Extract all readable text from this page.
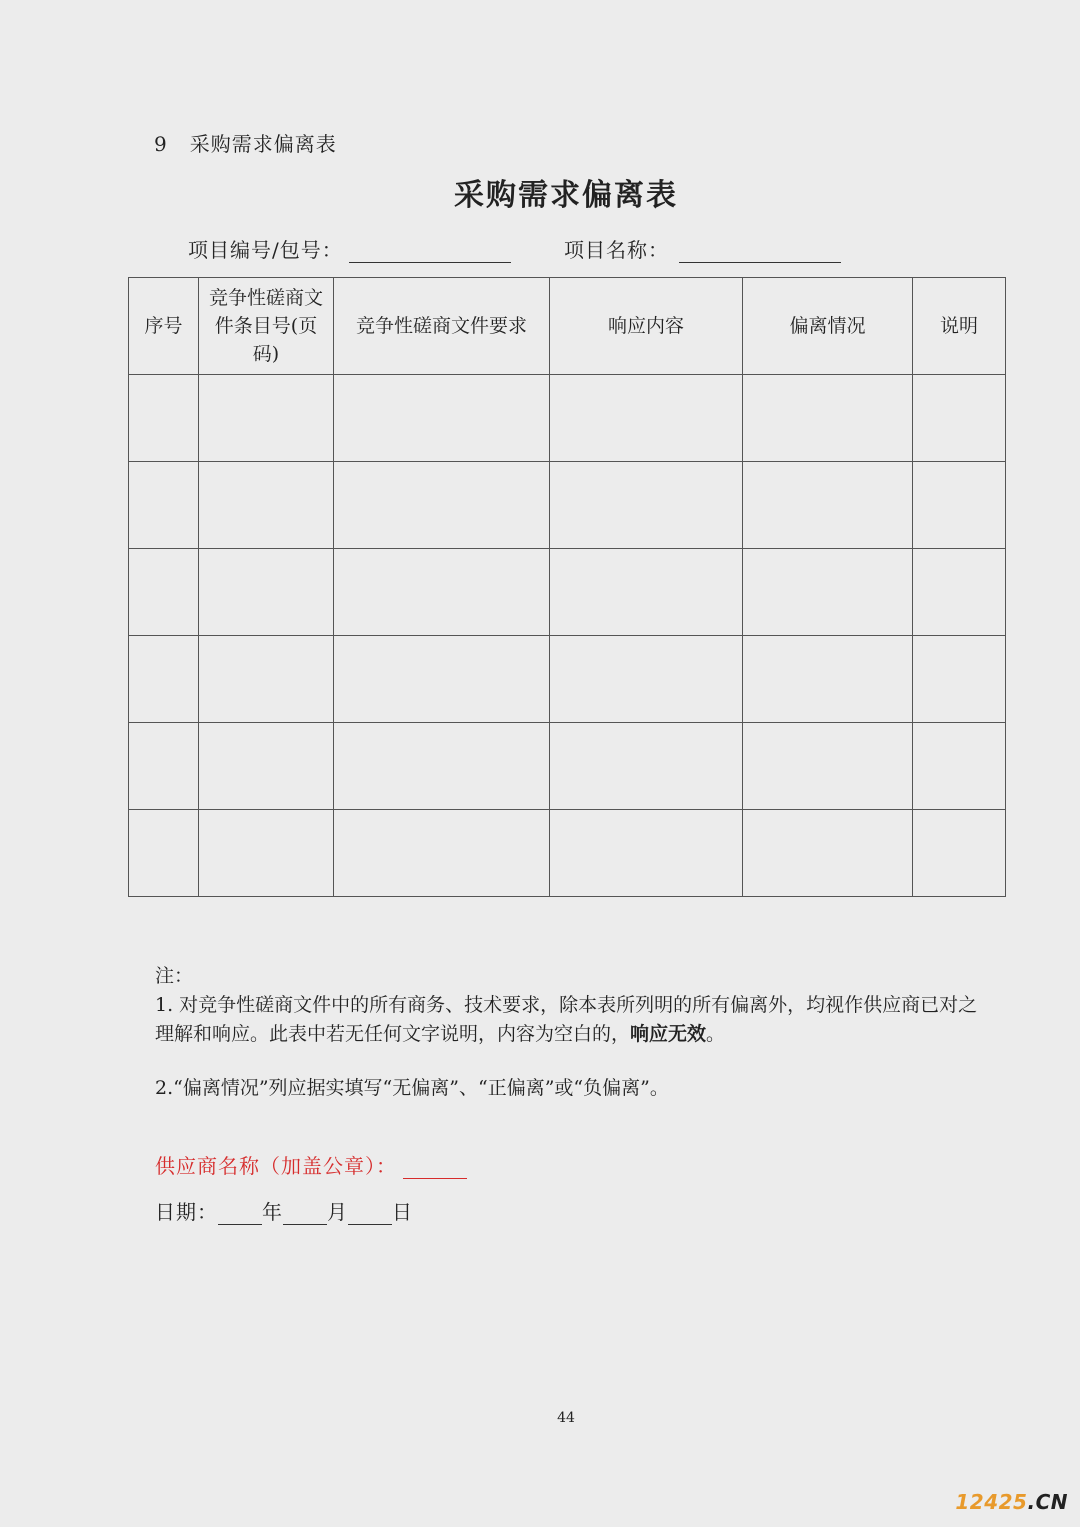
9 采购需求偏离表
采购需求偏离表
项目编号/包号：	项目名称：
序号	竞争性磋商文件条目号(页码)	竞争性磋商文件要求	响应内容	偏离情况	说明

注：

1. 对竞争性磋商文件中的所有商务、技术要求，除本表所列明的所有偏离外，均视作供应商已对之理解和响应。此表中若无任何文字说明，内容为空白的，响应无效。

2.“偏离情况”列应据实填写“无偏离”、“正偏离”或“负偏离”。

供应商名称（加盖公章）：
日期： 年 月 日
44
12425.CN
